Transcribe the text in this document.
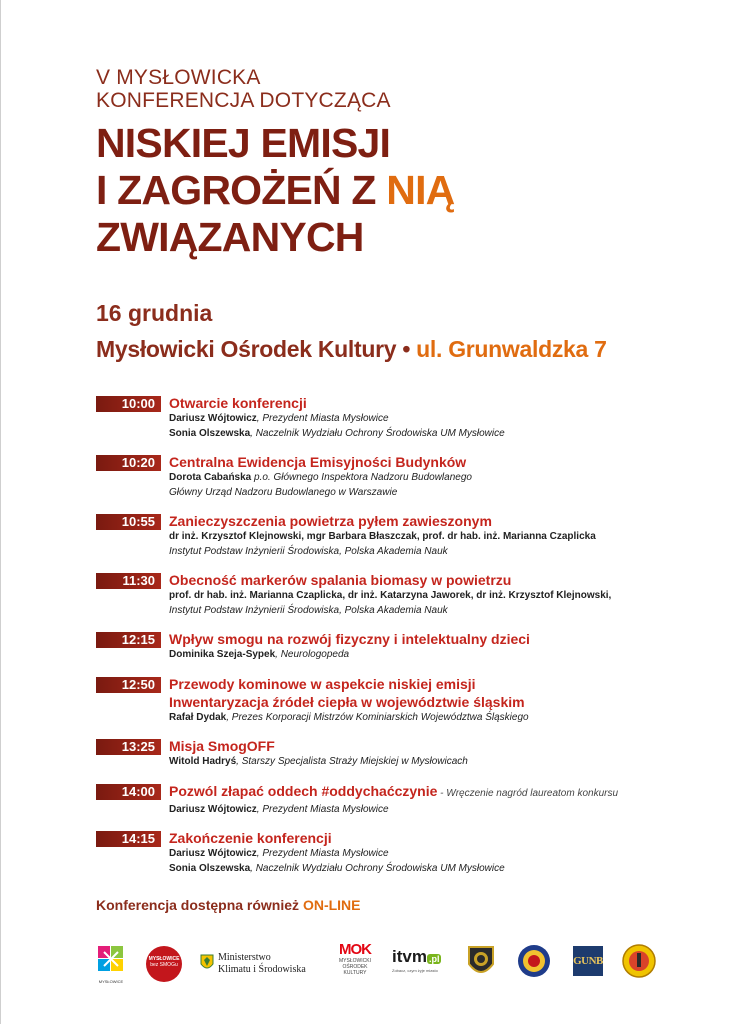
V MYSŁOWICKA
KONFERENCJA DOTYCZĄCA
NISKIEJ EMISJI
I ZAGROŻEŃ Z NIĄ
ZWIĄZANYCH
16 grudnia
Mysłowicki Ośrodek Kultury • ul. Grunwaldzka 7
10:00	Otwarcie konferencji
Dariusz Wójtowicz, Prezydent Miasta Mysłowice
Sonia Olszewska, Naczelnik Wydziału Ochrony Środowiska UM Mysłowice
10:20	Centralna Ewidencja Emisyjności Budynków
Dorota Cabańska p.o. Głównego Inspektora Nadzoru Budowlanego
Główny Urząd Nadzoru Budowlanego w Warszawie
10:55	Zanieczyszczenia powietrza pyłem zawieszonym
dr inż. Krzysztof Klejnowski, mgr Barbara Błaszczak, prof. dr hab. inż. Marianna Czaplicka
Instytut Podstaw Inżynierii Środowiska, Polska Akademia Nauk
11:30	Obecność markerów spalania biomasy w powietrzu
prof. dr hab. inż. Marianna Czaplicka, dr inż. Katarzyna Jaworek, dr inż. Krzysztof Klejnowski,
Instytut Podstaw Inżynierii Środowiska, Polska Akademia Nauk
12:15	Wpływ smogu na rozwój fizyczny i intelektualny dzieci
Dominika Szeja-Sypek, Neurologopeda
12:50	Przewody kominowe w aspekcie niskiej emisji
Inwentaryzacja źródeł ciepła w województwie śląskim
Rafał Dydak, Prezes Korporacji Mistrzów Kominiarskich Województwa Śląskiego
13:25	Misja SmogOFF
Witold Hadryś, Starszy Specjalista Straży Miejskiej w Mysłowicach
14:00	Pozwól złapać oddech #oddychaćczynie - Wręczenie nagród laureatom konkursu
Dariusz Wójtowicz, Prezydent Miasta Mysłowice
14:15	Zakończenie konferencji
Dariusz Wójtowicz, Prezydent Miasta Mysłowice
Sonia Olszewska, Naczelnik Wydziału Ochrony Środowiska UM Mysłowice
Konferencja dostępna również ON-LINE
MYSŁOWICE
MYSŁOWICE
bez SMOGu
Ministerstwo
Klimatu i Środowiska
MOK
MYSŁOWICKI
OŚRODEK
KULTURY
itvm .pl
Zobacz, czym żyje miasto
GUNB
